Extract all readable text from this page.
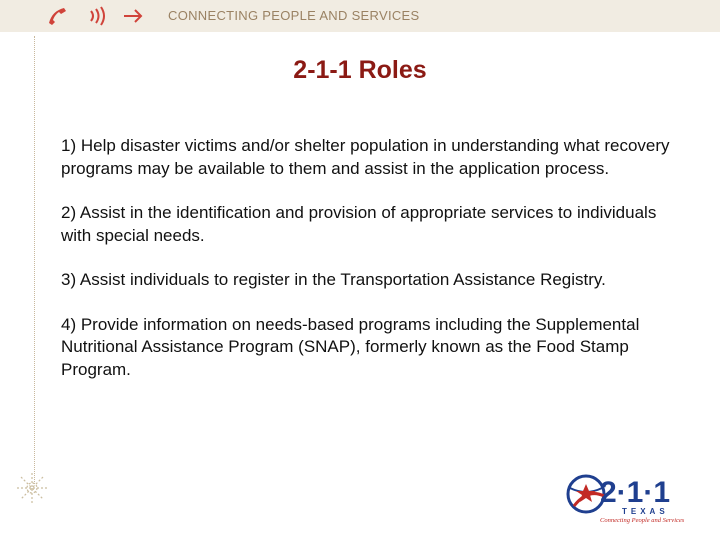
CONNECTING PEOPLE AND SERVICES
2-1-1 Roles

1) Help disaster victims and/or shelter population in understanding what recovery programs may be available to them and assist in the application process.

2) Assist in the identification and provision of appropriate services to individuals with special needs.

3) Assist individuals to register in the Transportation Assistance Registry.

4) Provide information on needs-based programs including the Supplemental Nutritional Assistance Program (SNAP), formerly known as the Food Stamp Program.

2·1·1
TEXAS
Connecting People and Services
